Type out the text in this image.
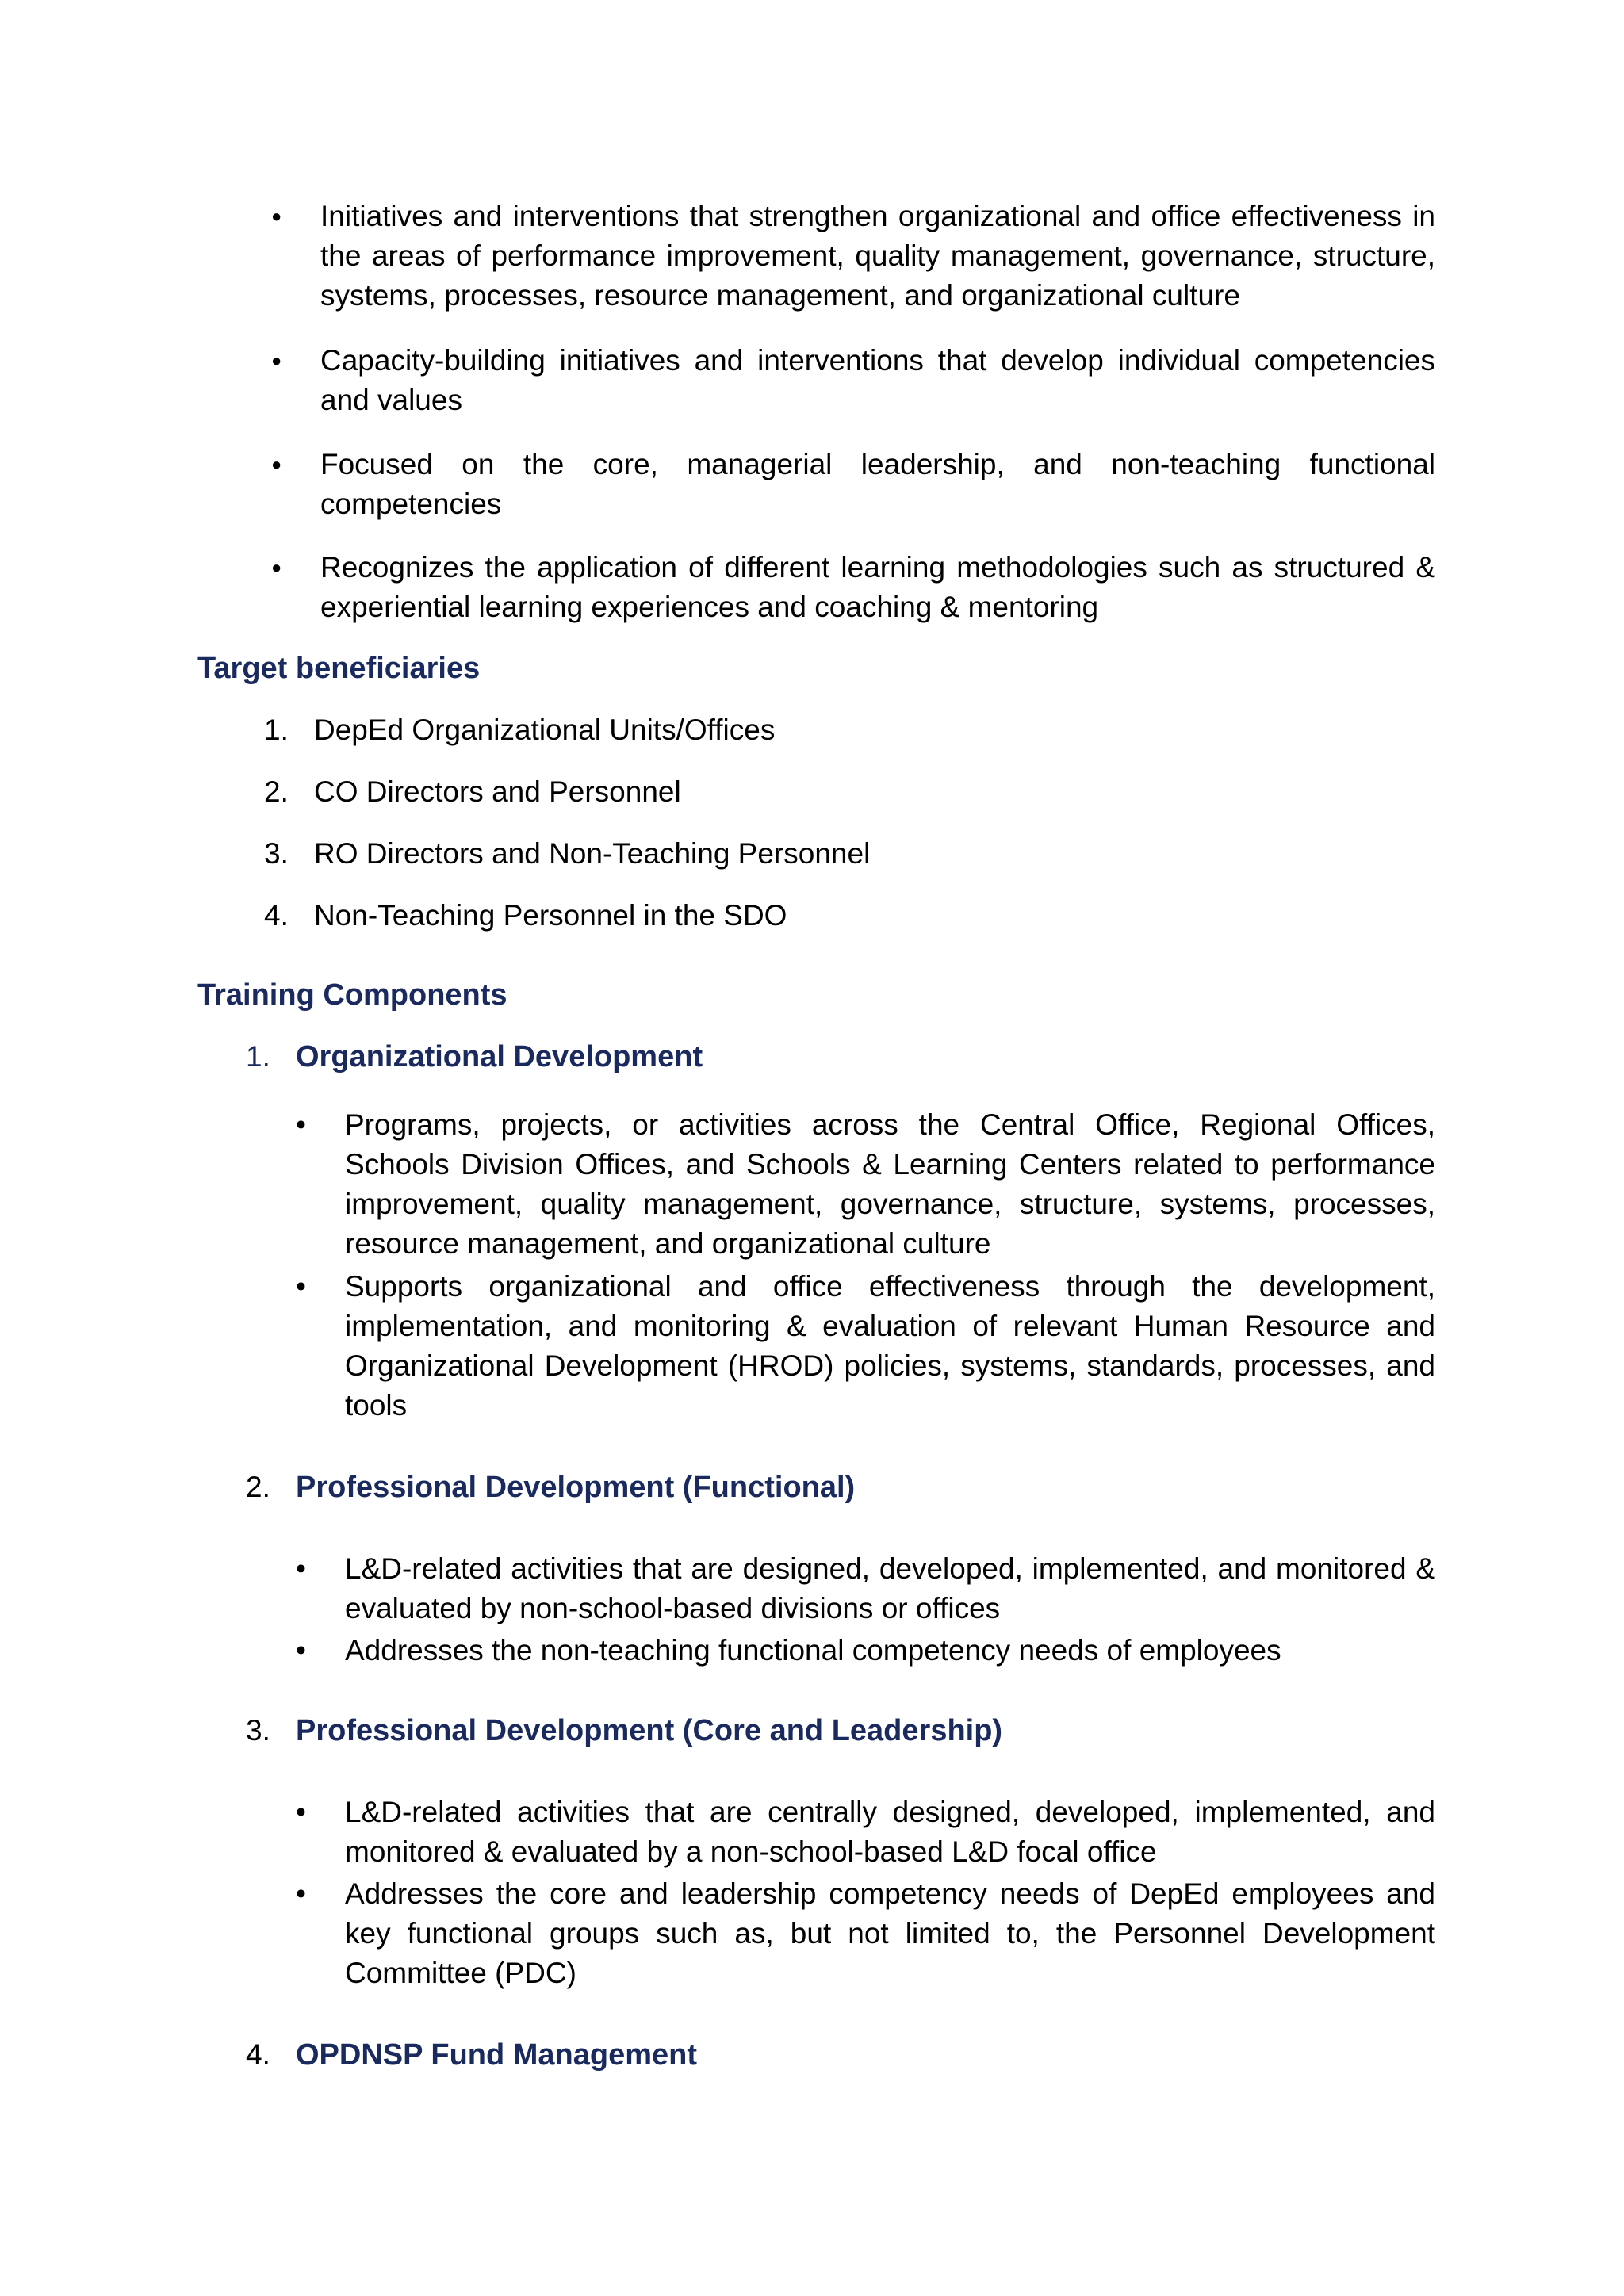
● Initiatives and interventions that strengthen organizational and office effectiveness in the areas of performance improvement, quality management, governance, structure, systems, processes, resource management, and organizational culture

● Capacity-building initiatives and interventions that develop individual competencies and values

● Focused on the core, managerial leadership, and non-teaching functional competencies

● Recognizes the application of different learning methodologies such as structured & experiential learning experiences and coaching & mentoring

Target beneficiaries
1. DepEd Organizational Units/Offices
2. CO Directors and Personnel
3. RO Directors and Non-Teaching Personnel
4. Non-Teaching Personnel in the SDO
Training Components
1. Organizational Development
• Programs, projects, or activities across the Central Office, Regional Offices, Schools Division Offices, and Schools & Learning Centers related to performance improvement, quality management, governance, structure, systems, processes, resource management, and organizational culture

• Supports organizational and office effectiveness through the development, implementation, and monitoring & evaluation of relevant Human Resource and Organizational Development (HROD) policies, systems, standards, processes, and tools

2. Professional Development (Functional)
• L&D-related activities that are designed, developed, implemented, and monitored & evaluated by non-school-based divisions or offices

• Addresses the non-teaching functional competency needs of employees

3. Professional Development (Core and Leadership)
• L&D-related activities that are centrally designed, developed, implemented, and monitored & evaluated by a non-school-based L&D focal office

• Addresses the core and leadership competency needs of DepEd employees and key functional groups such as, but not limited to, the Personnel Development Committee (PDC)

4. OPDNSP Fund Management
